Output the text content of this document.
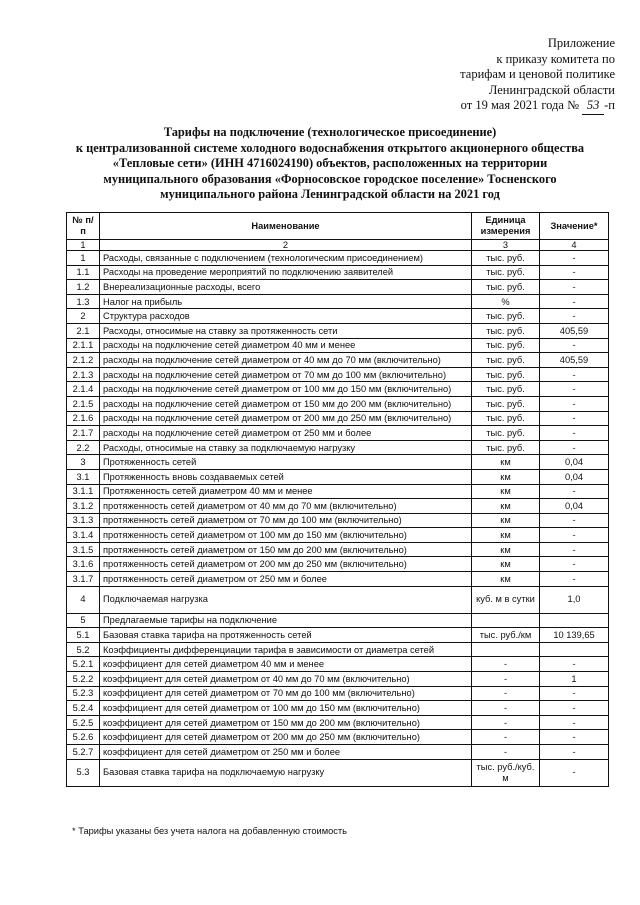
Приложение
к приказу комитета по
тарифам и ценовой политике
Ленинградской области
от 19 мая 2021 года № 53 -п
Тарифы на подключение (технологическое присоединение)
к централизованной системе холодного водоснабжения открытого акционерного общества
«Тепловые сети» (ИНН 4716024190) объектов, расположенных на территории
муниципального образования «Форносовское городское поселение» Тосненского
муниципального района Ленинградской области на 2021 год
№ п/п	Наименование	Единица измерения	Значение*
1	2	3	4
1	Расходы, связанные с подключением (технологическим присоединением)	тыс. руб.	-
1.1	Расходы на проведение мероприятий по подключению заявителей	тыс. руб.	-
1.2	Внереализационные расходы, всего	тыс. руб.	-
1.3	Налог на прибыль	%	-
2	Структура расходов	тыс. руб.	-
2.1	Расходы, относимые на ставку за протяженность сети	тыс. руб.	405,59
2.1.1	расходы на подключение сетей диаметром 40 мм и менее	тыс. руб.	-
2.1.2	расходы на подключение сетей диаметром от 40 мм до 70 мм (включительно)	тыс. руб.	405,59
2.1.3	расходы на подключение сетей диаметром от 70 мм до 100 мм (включительно)	тыс. руб.	-
2.1.4	расходы на подключение сетей диаметром от 100 мм до 150 мм (включительно)	тыс. руб.	-
2.1.5	расходы на подключение сетей диаметром от 150 мм до 200 мм (включительно)	тыс. руб.	-
2.1.6	расходы на подключение сетей диаметром от 200 мм до 250 мм (включительно)	тыс. руб.	-
2.1.7	расходы на подключение сетей диаметром от 250 мм и более	тыс. руб.	-
2.2	Расходы, относимые на ставку за подключаемую нагрузку	тыс. руб.	-
3	Протяженность сетей	км	0,04
3.1	Протяженность вновь создаваемых сетей	км	0,04
3.1.1	Протяженность сетей диаметром 40 мм и менее	км	-
3.1.2	протяженность сетей диаметром от 40 мм до 70 мм (включительно)	км	0,04
3.1.3	протяженность сетей диаметром от 70 мм до 100 мм (включительно)	км	-
3.1.4	протяженность сетей диаметром от 100 мм до 150 мм (включительно)	км	-
3.1.5	протяженность сетей диаметром от 150 мм до 200 мм (включительно)	км	-
3.1.6	протяженность сетей диаметром от 200 мм до 250 мм (включительно)	км	-
3.1.7	протяженность сетей диаметром от 250 мм и более	км	-
4	Подключаемая нагрузка	куб. м в сутки	1,0
5	Предлагаемые тарифы на подключение		
5.1	Базовая ставка тарифа на протяженность сетей	тыс. руб./км	10 139,65
5.2	Коэффициенты дифференциации тарифа в зависимости от диаметра сетей		
5.2.1	коэффициент для сетей диаметром 40 мм и менее	-	-
5.2.2	коэффициент для сетей диаметром от 40 мм до 70 мм (включительно)	-	1
5.2.3	коэффициент для сетей диаметром от 70 мм до 100 мм (включительно)	-	-
5.2.4	коэффициент для сетей диаметром от 100 мм до 150 мм (включительно)	-	-
5.2.5	коэффициент для сетей диаметром от 150 мм до 200 мм (включительно)	-	-
5.2.6	коэффициент для сетей диаметром от 200 мм до 250 мм (включительно)	-	-
5.2.7	коэффициент для сетей диаметром от 250 мм и более	-	-
5.3	Базовая ставка тарифа на подключаемую нагрузку	тыс. руб./куб. м	-
* Тарифы указаны без учета налога на добавленную стоимость
